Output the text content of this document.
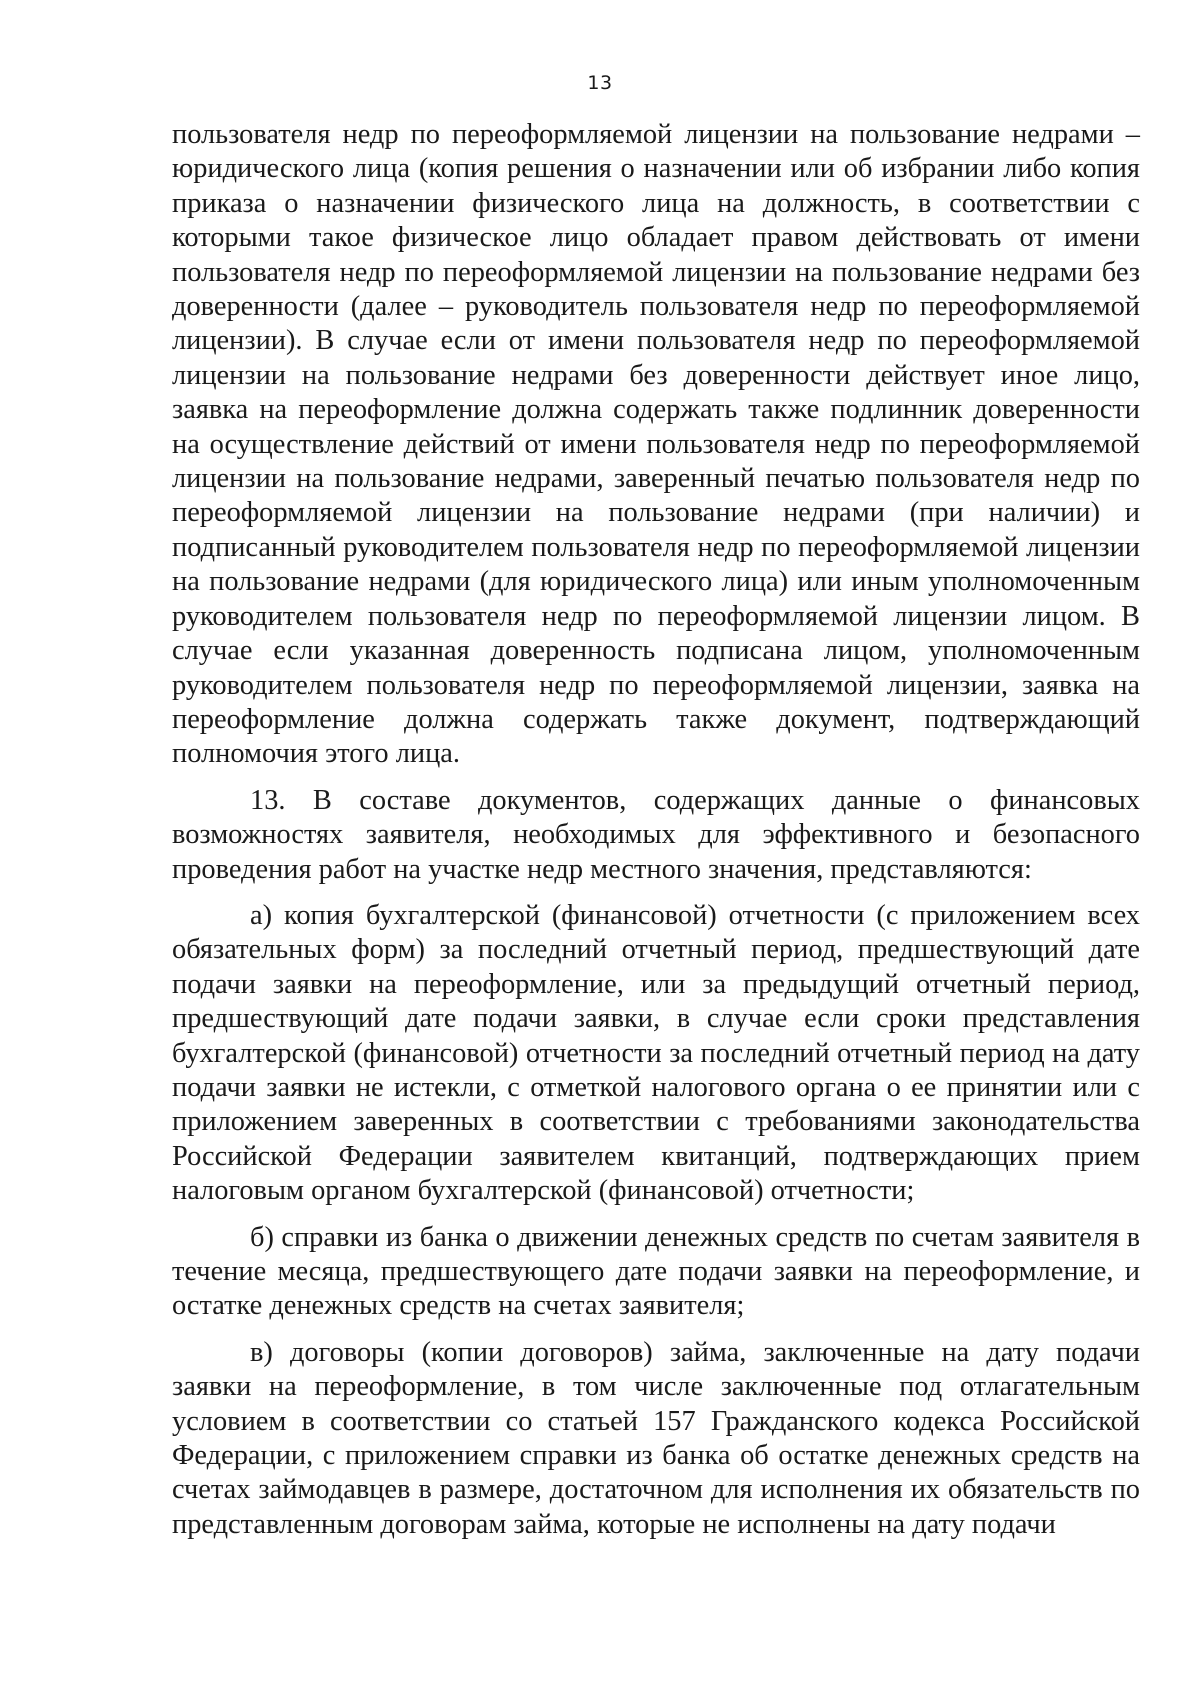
13

пользователя недр по переоформляемой лицензии на пользование недрами – юридического лица (копия решения о назначении или об избрании либо копия приказа о назначении физического лица на должность, в соответствии с которыми такое физическое лицо обладает правом действовать от имени пользователя недр по переоформляемой лицензии на пользование недрами без доверенности (далее – руководитель пользователя недр по переоформляемой лицензии). В случае если от имени пользователя недр по переоформляемой лицензии на пользование недрами без доверенности действует иное лицо, заявка на переоформление должна содержать также подлинник доверенности на осуществление действий от имени пользователя недр по переоформляемой лицензии на пользование недрами, заверенный печатью пользователя недр по переоформляемой лицензии на пользование недрами (при наличии) и подписанный руководителем пользователя недр по переоформляемой лицензии на пользование недрами (для юридического лица) или иным уполномоченным руководителем пользователя недр по переоформляемой лицензии лицом. В случае если указанная доверенность подписана лицом, уполномоченным руководителем пользователя недр по переоформляемой лицензии, заявка на переоформление должна содержать также документ, подтверждающий полномочия этого лица.

13. В составе документов, содержащих данные о финансовых возможностях заявителя, необходимых для эффективного и безопасного проведения работ на участке недр местного значения, представляются:

а) копия бухгалтерской (финансовой) отчетности (с приложением всех обязательных форм) за последний отчетный период, предшествующий дате подачи заявки на переоформление, или за предыдущий отчетный период, предшествующий дате подачи заявки, в случае если сроки представления бухгалтерской (финансовой) отчетности за последний отчетный период на дату подачи заявки не истекли, с отметкой налогового органа о ее принятии или с приложением заверенных в соответствии с требованиями законодательства Российской Федерации заявителем квитанций, подтверждающих прием налоговым органом бухгалтерской (финансовой) отчетности;

б) справки из банка о движении денежных средств по счетам заявителя в течение месяца, предшествующего дате подачи заявки на переоформление, и остатке денежных средств на счетах заявителя;

в) договоры (копии договоров) займа, заключенные на дату подачи заявки на переоформление, в том числе заключенные под отлагательным условием в соответствии со статьей 157 Гражданского кодекса Российской Федерации, с приложением справки из банка об остатке денежных средств на счетах займодавцев в размере, достаточном для исполнения их обязательств по представленным договорам займа, которые не исполнены на дату подачи
